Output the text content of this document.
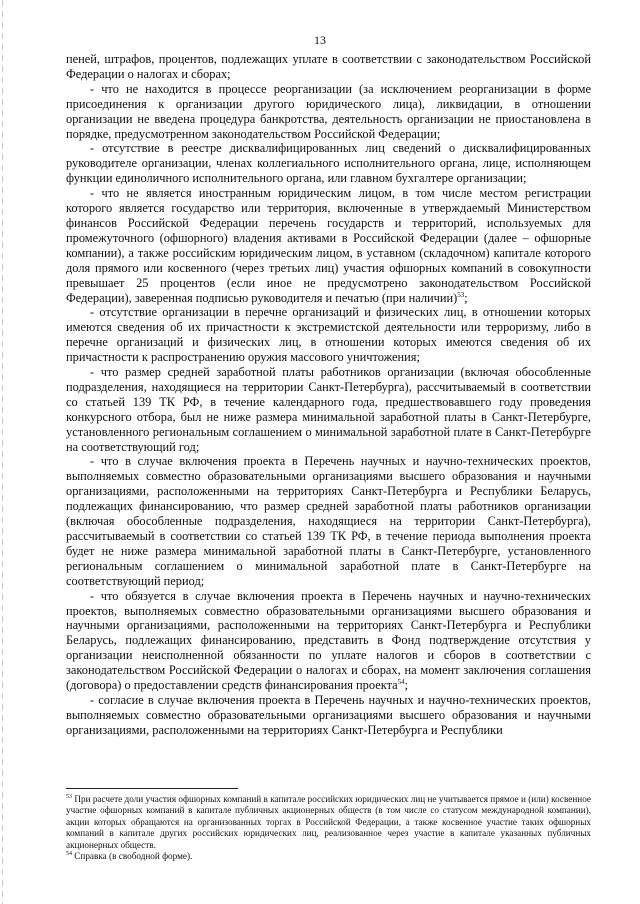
13

пеней, штрафов, процентов, подлежащих уплате в соответствии с законодательством Российской Федерации о налогах и сборах;

- что не находится в процессе реорганизации (за исключением реорганизации в форме присоединения к организации другого юридического лица), ликвидации, в отношении организации не введена процедура банкротства, деятельность организации не приостановлена в порядке, предусмотренном законодательством Российской Федерации;

- отсутствие в реестре дисквалифицированных лиц сведений о дисквалифицированных руководителе организации, членах коллегиального исполнительного органа, лице, исполняющем функции единоличного исполнительного органа, или главном бухгалтере организации;

- что не является иностранным юридическим лицом, в том числе местом регистрации которого является государство или территория, включенные в утверждаемый Министерством финансов Российской Федерации перечень государств и территорий, используемых для промежуточного (офшорного) владения активами в Российской Федерации (далее – офшорные компании), а также российским юридическим лицом, в уставном (складочном) капитале которого доля прямого или косвенного (через третьих лиц) участия офшорных компаний в совокупности превышает 25 процентов (если иное не предусмотрено законодательством Российской Федерации), заверенная подписью руководителя и печатью (при наличии)$^{53}$;

- отсутствие организации в перечне организаций и физических лиц, в отношении которых имеются сведения об их причастности к экстремистской деятельности или терроризму, либо в перечне организаций и физических лиц, в отношении которых имеются сведения об их причастности к распространению оружия массового уничтожения;

- что размер средней заработной платы работников организации (включая обособленные подразделения, находящиеся на территории Санкт-Петербурга), рассчитываемый в соответствии со статьей 139 ТК РФ, в течение календарного года, предшествовавшего году проведения конкурсного отбора, был не ниже размера минимальной заработной платы в Санкт-Петербурге, установленного региональным соглашением о минимальной заработной плате в Санкт-Петербурге на соответствующий год;

- что в случае включения проекта в Перечень научных и научно-технических проектов, выполняемых совместно образовательными организациями высшего образования и научными организациями, расположенными на территориях Санкт-Петербурга и Республики Беларусь, подлежащих финансированию, что размер средней заработной платы работников организации (включая обособленные подразделения, находящиеся на территории Санкт-Петербурга), рассчитываемый в соответствии со статьей 139 ТК РФ, в течение периода выполнения проекта будет не ниже размера минимальной заработной платы в Санкт-Петербурге, установленного региональным соглашением о минимальной заработной плате в Санкт-Петербурге на соответствующий период;

- что обязуется в случае включения проекта в Перечень научных и научно-технических проектов, выполняемых совместно образовательными организациями высшего образования и научными организациями, расположенными на территориях Санкт-Петербурга и Республики Беларусь, подлежащих финансированию, представить в Фонд подтверждение отсутствия у организации неисполненной обязанности по уплате налогов и сборов в соответствии с законодательством Российской Федерации о налогах и сборах, на момент заключения соглашения (договора) о предоставлении средств финансирования проекта$^{54}$;

- согласие в случае включения проекта в Перечень научных и научно-технических проектов, выполняемых совместно образовательными организациями высшего образования и научными организациями, расположенными на территориях Санкт-Петербурга и Республики

$^{53}$ При расчете доли участия офшорных компаний в капитале российских юридических лиц не учитывается прямое и (или) косвенное участие офшорных компаний в капитале публичных акционерных обществ (в том числе со статусом международной компании), акции которых обращаются на организованных торгах в Российской Федерации, а также косвенное участие таких офшорных компаний в капитале других российских юридических лиц, реализованное через участие в капитале указанных публичных акционерных обществ.

$^{54}$ Справка (в свободной форме).
